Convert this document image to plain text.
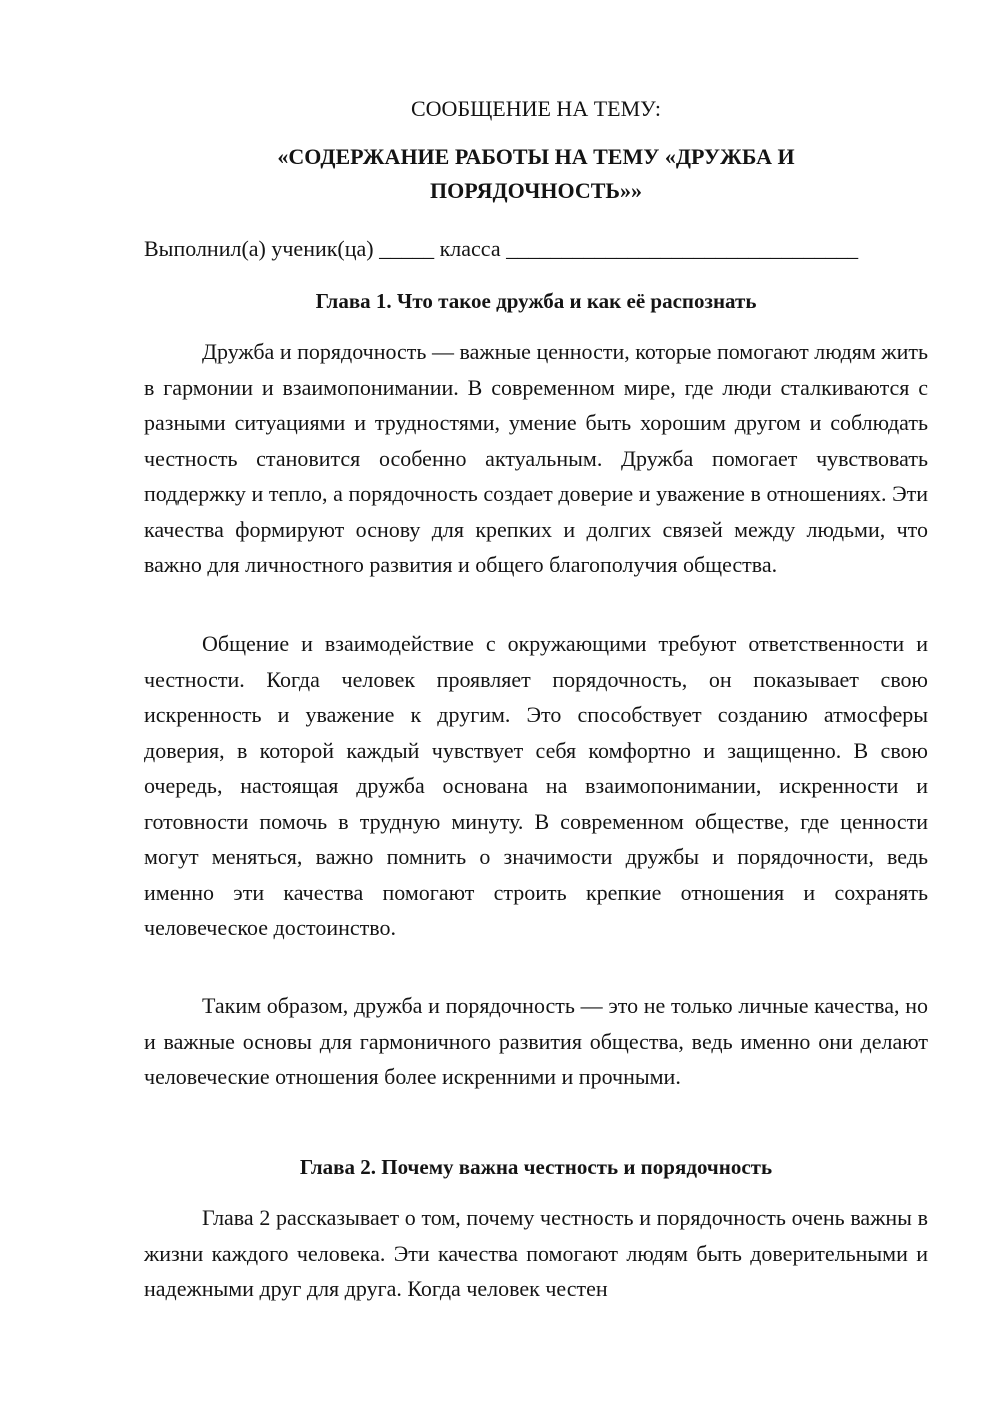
СООБЩЕНИЕ НА ТЕМУ:
«СОДЕРЖАНИЕ РАБОТЫ НА ТЕМУ «ДРУЖБА И
ПОРЯДОЧНОСТЬ»»
Выполнил(а) ученик(ца) _____ класса ________________________________
Глава 1. Что такое дружба и как её распознать

Дружба и порядочность — важные ценности, которые помогают людям жить в гармонии и взаимопонимании. В современном мире, где люди сталкиваются с разными ситуациями и трудностями, умение быть хорошим другом и соблюдать честность становится особенно актуальным. Дружба помогает чувствовать поддержку и тепло, а порядочность создает доверие и уважение в отношениях. Эти качества формируют основу для крепких и долгих связей между людьми, что важно для личностного развития и общего благополучия общества.

Общение и взаимодействие с окружающими требуют ответственности и честности. Когда человек проявляет порядочность, он показывает свою искренность и уважение к другим. Это способствует созданию атмосферы доверия, в которой каждый чувствует себя комфортно и защищенно. В свою очередь, настоящая дружба основана на взаимопонимании, искренности и готовности помочь в трудную минуту. В современном обществе, где ценности могут меняться, важно помнить о значимости дружбы и порядочности, ведь именно эти качества помогают строить крепкие отношения и сохранять человеческое достоинство.

Таким образом, дружба и порядочность — это не только личные качества, но и важные основы для гармоничного развития общества, ведь именно они делают человеческие отношения более искренними и прочными.

Глава 2. Почему важна честность и порядочность

Глава 2 рассказывает о том, почему честность и порядочность очень важны в жизни каждого человека. Эти качества помогают людям быть доверительными и надежными друг для друга. Когда человек честен
